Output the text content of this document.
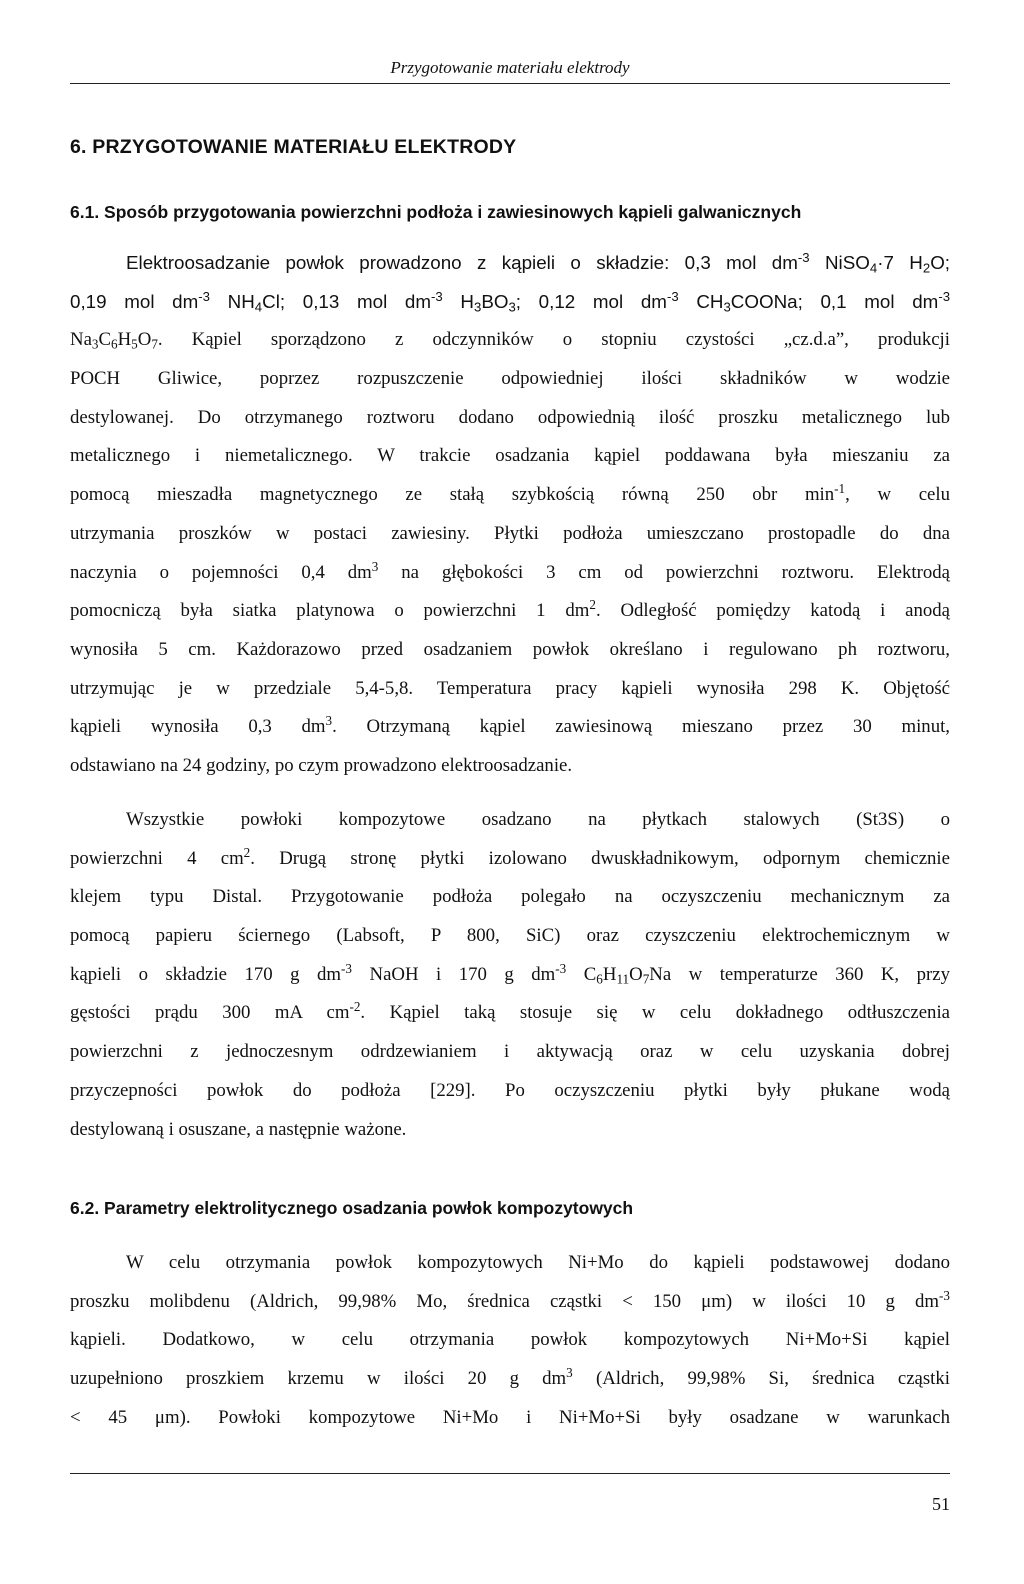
Przygotowanie materiału elektrody
6. PRZYGOTOWANIE MATERIAŁU ELEKTRODY
6.1. Sposób przygotowania powierzchni podłoża i zawiesinowych kąpieli galwanicznych
Elektroosadzanie powłok prowadzono z kąpieli o składzie: 0,3 mol $dm^{-3}$ NiSO$_4$·7 $H_2O$;
0,19 mol $dm^{-3}$ $NH_4Cl$; 0,13 mol $dm^{-3}$ $H_3BO_3$; 0,12 mol $dm^{-3}$ $CH_3COONa$; 0,1 mol $dm^{-3}$
$Na_3C_6H_5O_7$. Kąpiel sporządzono z odczynników o stopniu czystości „cz.d.a”, produkcji
POCH Gliwice, poprzez rozpuszczenie odpowiedniej ilości składników w wodzie
destylowanej. Do otrzymanego roztworu dodano odpowiednią ilość proszku metalicznego lub
metalicznego i niemetalicznego. W trakcie osadzania kąpiel poddawana była mieszaniu za
pomocą mieszadła magnetycznego ze stałą szybkością równą 250 obr $\min^{-1}$, w celu
utrzymania proszków w postaci zawiesiny. Płytki podłoża umieszczano prostopadle do dna
naczynia o pojemności 0,4 $dm^3$ na głębokości 3 cm od powierzchni roztworu. Elektrodą
pomocniczą była siatka platynowa o powierzchni 1 $dm^2$. Odległość pomiędzy katodą i anodą
wynosiła 5 cm. Każdorazowo przed osadzaniem powłok określano i regulowano ph roztworu,
utrzymując je w przedziale 5,4-5,8. Temperatura pracy kąpieli wynosiła 298 K. Objętość
kąpieli wynosiła 0,3 $dm^3$. Otrzymaną kąpiel zawiesinową mieszano przez 30 minut,
odstawiano na 24 godziny, po czym prowadzono elektroosadzanie.
Wszystkie powłoki kompozytowe osadzano na płytkach stalowych (St3S) o
powierzchni 4 $cm^2$. Drugą stronę płytki izolowano dwuskładnikowym, odpornym chemicznie
klejem typu Distal. Przygotowanie podłoża polegało na oczyszczeniu mechanicznym za
pomocą papieru ściernego (Labsoft, P 800, SiC) oraz czyszczeniu elektrochemicznym w
kąpieli o składzie 170 g $dm^{-3}$ NaOH i 170 g $dm^{-3}$ $C_6H_{11}O_7Na$ w temperaturze 360 K, przy
gęstości prądu 300 mA $cm^{-2}$. Kąpiel taką stosuje się w celu dokładnego odtłuszczenia
powierzchni z jednoczesnym odrdzewianiem i aktywacją oraz w celu uzyskania dobrej
przyczepności powłok do podłoża [229]. Po oczyszczeniu płytki były płukane wodą
destylowaną i osuszane, a następnie ważone.
6.2. Parametry elektrolitycznego osadzania powłok kompozytowych
W celu otrzymania powłok kompozytowych Ni+Mo do kąpieli podstawowej dodano
proszku molibdenu (Aldrich, 99,98% Mo, średnica cząstki < 150 μm) w ilości 10 g $dm^{-3}$
kąpieli. Dodatkowo, w celu otrzymania powłok kompozytowych Ni+Mo+Si kąpiel
uzupełniono proszkiem krzemu w ilości 20 g $dm^3$ (Aldrich, 99,98% Si, średnica cząstki
< 45 μm). Powłoki kompozytowe Ni+Mo i Ni+Mo+Si były osadzane w warunkach
51
